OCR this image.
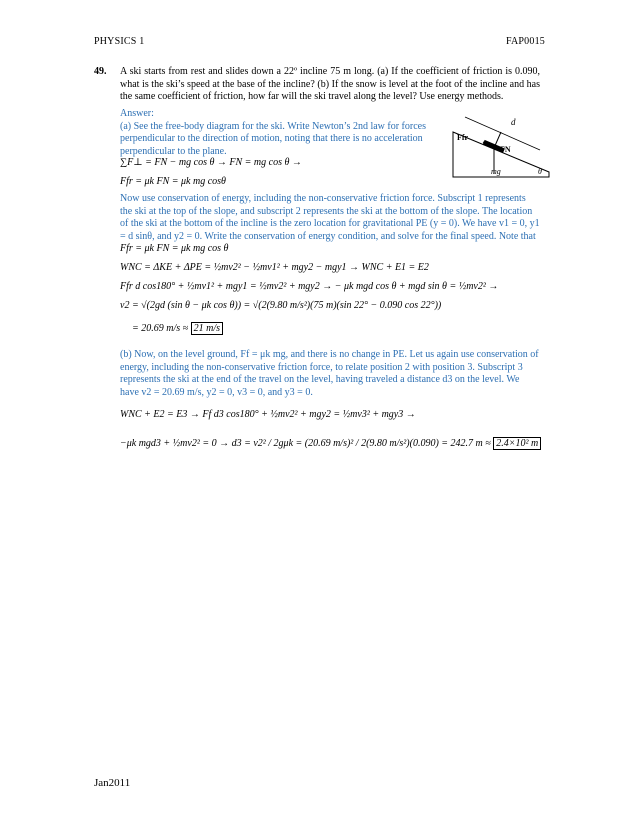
PHYSICS 1	FAP0015
49. A ski starts from rest and slides down a 22º incline 75 m long. (a) If the coefficient of friction is 0.090, what is the ski’s speed at the base of the incline? (b) If the snow is level at the foot of the incline and has the same coefficient of friction, how far will the ski travel along the level? Use energy methods.
Answer:
(a) See the free-body diagram for the ski. Write Newton’s 2nd law for forces perpendicular to the direction of motion, noting that there is no acceleration perpendicular to the plane.
d
Ffr
FN
mg	θ
∑F⊥ = FN − mg cos θ → FN = mg cos θ →
Ffr = μk FN = μk mg cosθ
Now use conservation of energy, including the non-conservative friction force. Subscript 1 represents the ski at the top of the slope, and subscript 2 represents the ski at the bottom of the slope. The location of the ski at the bottom of the incline is the zero location for gravitational PE (y = 0). We have v1 = 0, y1 = d sinθ, and y2 = 0. Write the conservation of energy condition, and solve for the final speed. Note that
Ffr = μk FN = μk mg cos θ
WNC = ΔKE + ΔPE = ½mv2² − ½mv1² + mgy2 − mgy1 → WNC + E1 = E2
Ffr d cos180° + ½mv1² + mgy1 = ½mv2² + mgy2 → − μk mgd cos θ + mgd sin θ = ½mv2² →
v2 = √(2gd (sin θ − μk cos θ)) = √(2(9.80 m/s²)(75 m)(sin 22° − 0.090 cos 22°))
= 20.69 m/s ≈ 21 m/s
(b) Now, on the level ground, Ff = μk mg, and there is no change in PE. Let us again use conservation of energy, including the non-conservative friction force, to relate position 2 with position 3. Subscript 3 represents the ski at the end of the travel on the level, having traveled a distance d3 on the level. We have v2 = 20.69 m/s, y2 = 0, v3 = 0, and y3 = 0.
WNC + E2 = E3 → Ff d3 cos180° + ½mv2² + mgy2 = ½mv3² + mgy3 →
−μk mgd3 + ½mv2² = 0 → d3 = v2² / 2gμk = (20.69 m/s)² / 2(9.80 m/s²)(0.090) = 242.7 m ≈ 2.4×10² m
Jan2011
